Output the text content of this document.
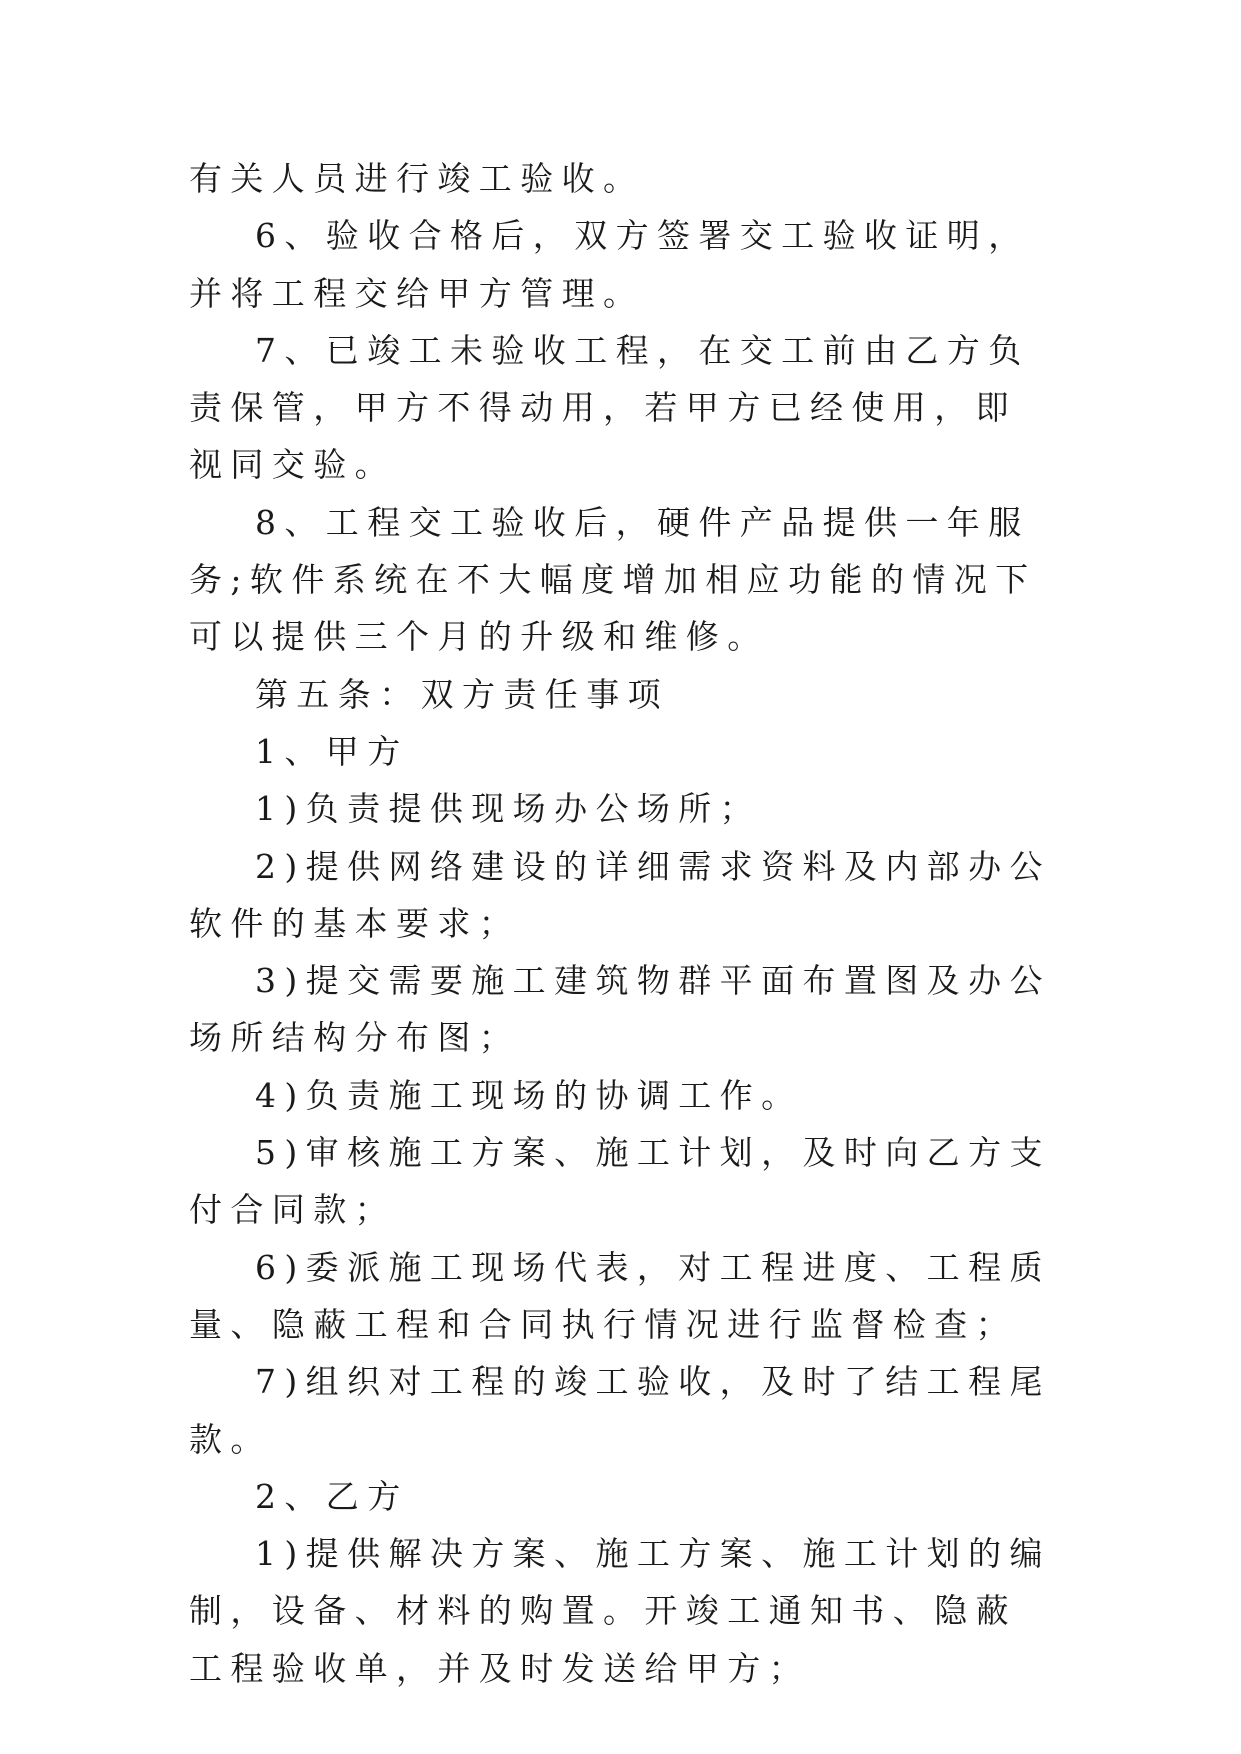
有关人员进行竣工验收。

6、验收合格后，双方签署交工验收证明，并将工程交给甲方管理。

7、已竣工未验收工程，在交工前由乙方负责保管，甲方不得动用，若甲方已经使用，即视同交验。

8、工程交工验收后，硬件产品提供一年服务;软件系统在不大幅度增加相应功能的情况下可以提供三个月的升级和维修。

第五条：双方责任事项

1、甲方

1)负责提供现场办公场所；

2)提供网络建设的详细需求资料及内部办公软件的基本要求；

3)提交需要施工建筑物群平面布置图及办公场所结构分布图；

4)负责施工现场的协调工作。

5)审核施工方案、施工计划，及时向乙方支付合同款；

6)委派施工现场代表，对工程进度、工程质量、隐蔽工程和合同执行情况进行监督检查；

7)组织对工程的竣工验收，及时了结工程尾款。

2、乙方

1)提供解决方案、施工方案、施工计划的编制，设备、材料的购置。开竣工通知书、隐蔽工程验收单，并及时发送给甲方；
